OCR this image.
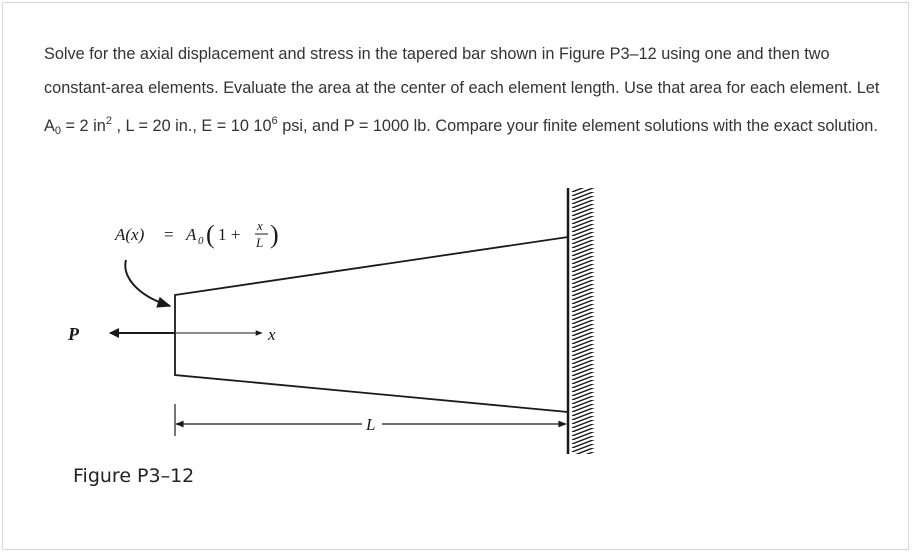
Solve for the axial displacement and stress in the tapered bar shown in Figure P3–12 using one and then two constant-area elements. Evaluate the area at the center of each element length. Use that area for each element. Let $A_0 = 2$ $in^2$ , L = 20 in., E = 10 $10^6$ psi, and P = 1000 lb. Compare your finite element solutions with the exact solution.

P	x
A(x) = A 0 ( 1 + x
L )
L
Figure P3–12
